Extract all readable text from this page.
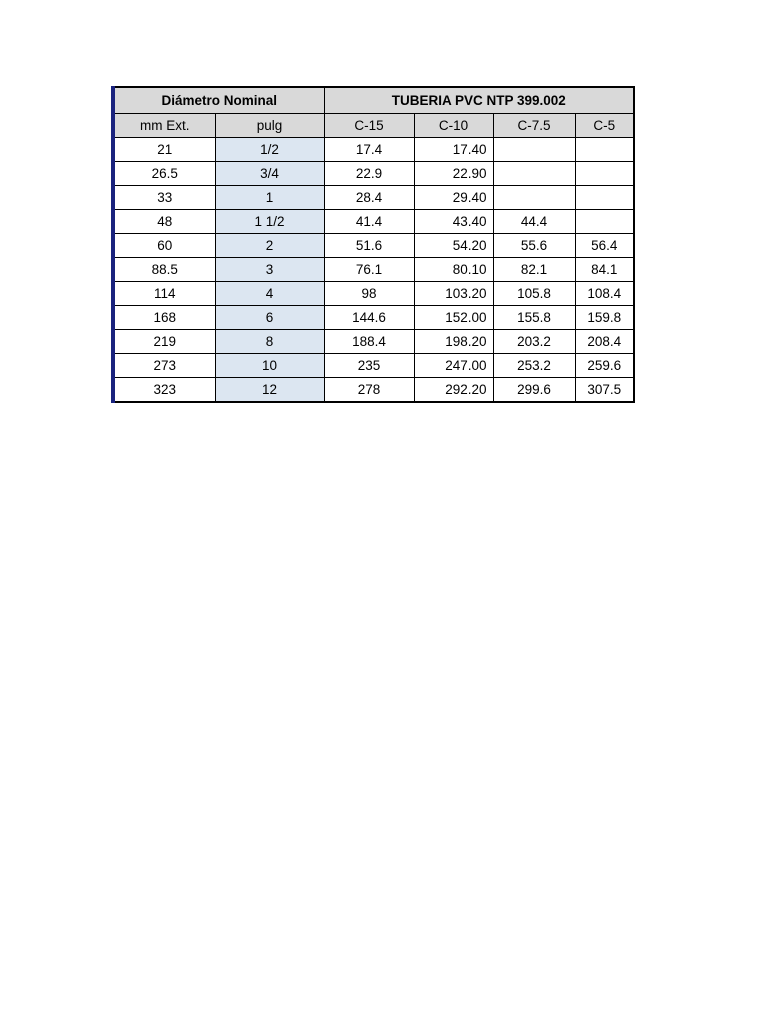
Diámetro Nominal		TUBERIA PVC NTP 399.002			
mm Ext.	pulg	C-15	C-10	C-7.5	C-5
21	1/2	17.4	17.40		
26.5	3/4	22.9	22.90		
33	1	28.4	29.40		
48	1 1/2	41.4	43.40	44.4	
60	2	51.6	54.20	55.6	56.4
88.5	3	76.1	80.10	82.1	84.1
114	4	98	103.20	105.8	108.4
168	6	144.6	152.00	155.8	159.8
219	8	188.4	198.20	203.2	208.4
273	10	235	247.00	253.2	259.6
323	12	278	292.20	299.6	307.5
